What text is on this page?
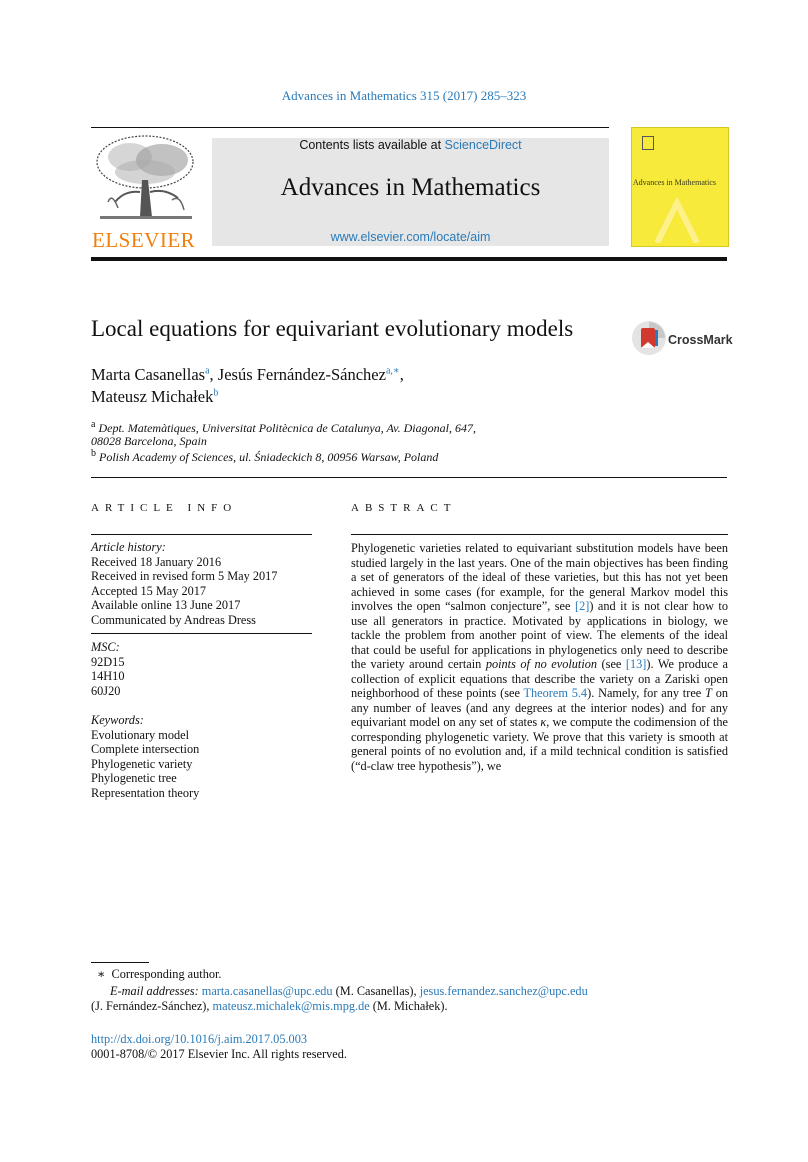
Advances in Mathematics 315 (2017) 285–323
ELSEVIER
Contents lists available at ScienceDirect
Advances in Mathematics
www.elsevier.com/locate/aim
Advances in Mathematics
Local equations for equivariant evolutionary models	CrossMark
Marta Casanellas$^a$, Jesús Fernández-Sánchez$^{a,∗}$,
Mateusz Michałek$^b$
$^a$ Dept. Matemàtiques, Universitat Politècnica de Catalunya, Av. Diagonal, 647,
08028 Barcelona, Spain
$^b$ Polish Academy of Sciences, ul. Śniadeckich 8, 00956 Warsaw, Poland
ARTICLE INFO	ABSTRACT
Article history:
Received 18 January 2016
Received in revised form 5 May 2017
Accepted 15 May 2017
Available online 13 June 2017
Communicated by Andreas Dress
MSC:
92D15
14H10
60J20
Keywords:
Evolutionary model
Complete intersection
Phylogenetic variety
Phylogenetic tree
Representation theory
Phylogenetic varieties related to equivariant substitution models have been studied largely in the last years. One of the main objectives has been finding a set of generators of the ideal of these varieties, but this has not yet been achieved in some cases (for example, for the general Markov model this involves the open “salmon conjecture”, see [2]) and it is not clear how to use all generators in practice. Motivated by applications in biology, we tackle the problem from another point of view. The elements of the ideal that could be useful for applications in phylogenetics only need to describe the variety around certain points of no evolution (see [13]). We produce a collection of explicit equations that describe the variety on a Zariski open neighborhood of these points (see Theorem 5.4). Namely, for any tree T on any number of leaves (and any degrees at the interior nodes) and for any equivariant model on any set of states κ, we compute the codimension of the corresponding phylogenetic variety. We prove that this variety is smooth at general points of no evolution and, if a mild technical condition is satisfied (“d-claw tree hypothesis”), we
∗ Corresponding author.
E-mail addresses: marta.casanellas@upc.edu (M. Casanellas), jesus.fernandez.sanchez@upc.edu
(J. Fernández-Sánchez), mateusz.michalek@mis.mpg.de (M. Michałek).
http://dx.doi.org/10.1016/j.aim.2017.05.003
0001-8708/© 2017 Elsevier Inc. All rights reserved.
